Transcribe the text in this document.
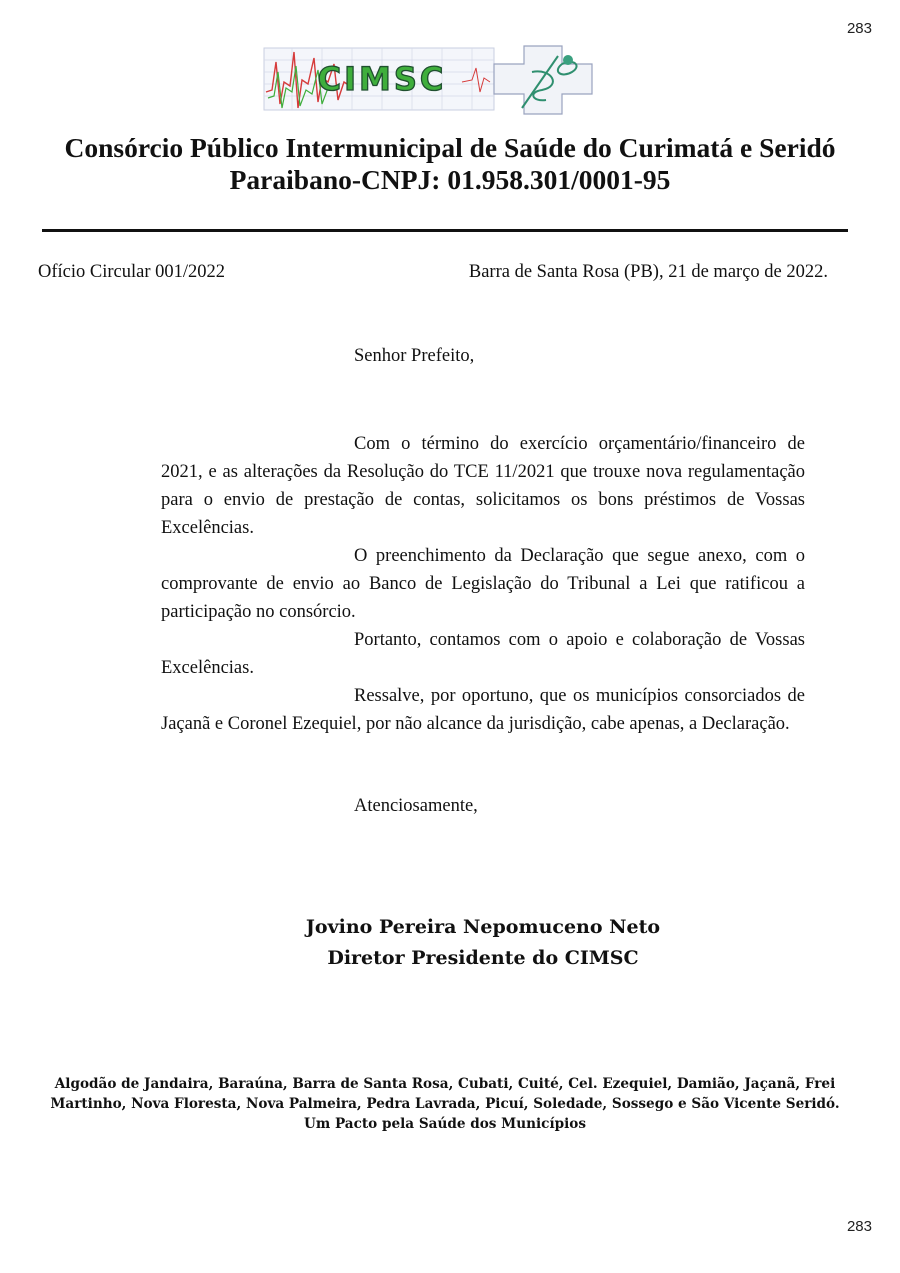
283
CIMSC
Consórcio Público Intermunicipal de Saúde do Curimatá e Seridó
Paraibano-CNPJ: 01.958.301/0001-95
Ofício Circular 001/2022	Barra de Santa Rosa (PB), 21 de março de 2022.
Senhor Prefeito,

Com o término do exercício orçamentário/financeiro de 2021, e as alterações da Resolução do TCE 11/2021 que trouxe nova regulamentação para o envio de prestação de contas, solicitamos os bons préstimos de Vossas Excelências.

O preenchimento da Declaração que segue anexo, com o comprovante de envio ao Banco de Legislação do Tribunal a Lei que ratificou a participação no consórcio.

Portanto, contamos com o apoio e colaboração de Vossas Excelências.

Ressalve, por oportuno, que os municípios consorciados de Jaçanã e Coronel Ezequiel, por não alcance da jurisdição, cabe apenas, a Declaração.

Atenciosamente,
Jovino Pereira Nepomuceno Neto
Diretor Presidente do CIMSC
Algodão de Jandaira, Baraúna, Barra de Santa Rosa, Cubati, Cuité, Cel. Ezequiel, Damião, Jaçanã, Frei Martinho, Nova Floresta, Nova Palmeira, Pedra Lavrada, Picuí, Soledade, Sossego e São Vicente Seridó.
Um Pacto pela Saúde dos Municípios
283
